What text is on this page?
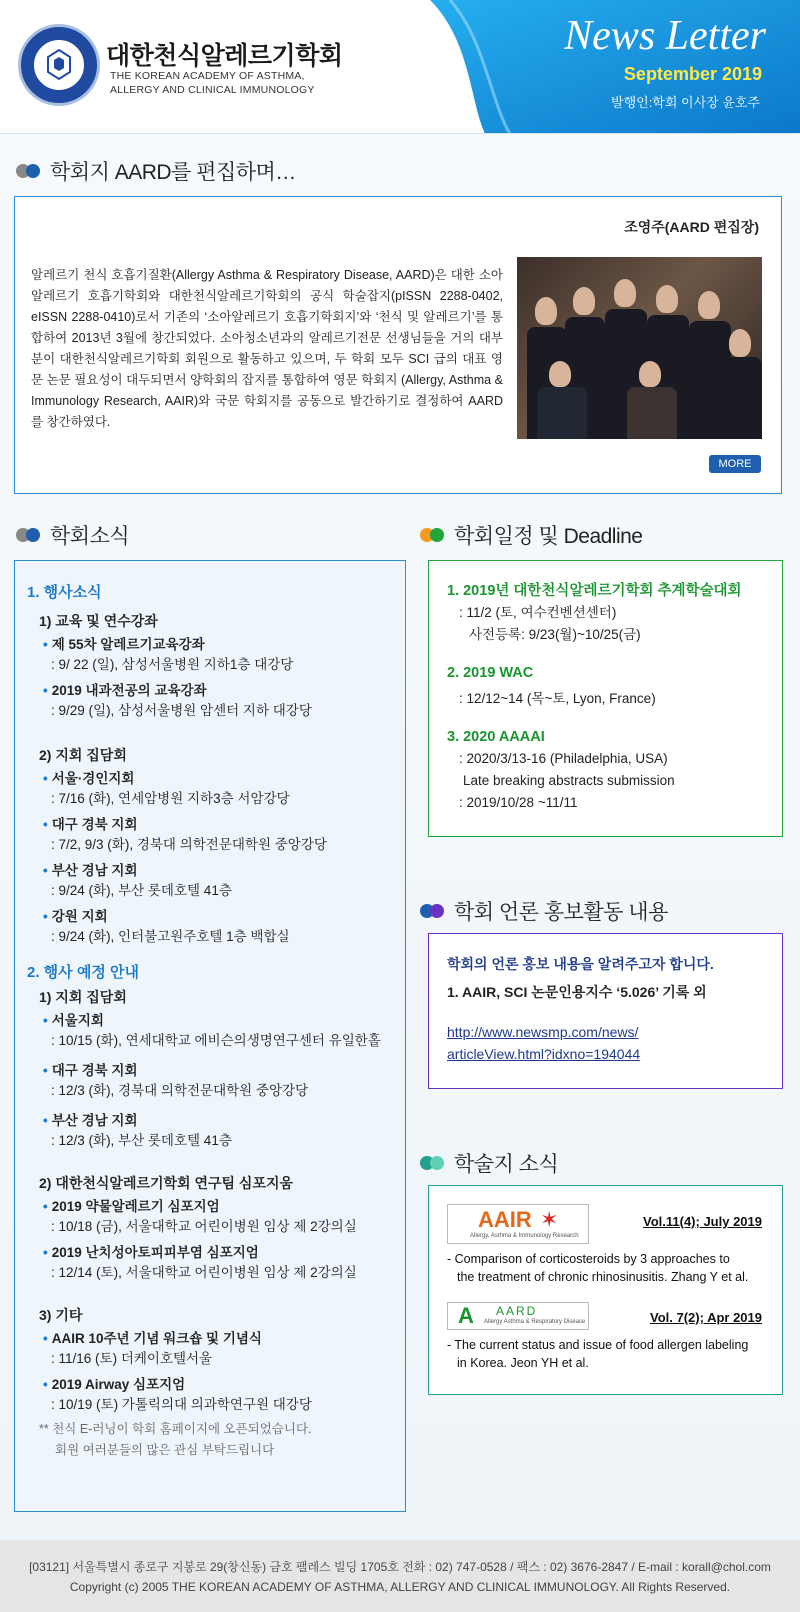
대한천식알레르기학회
THE KOREAN ACADEMY OF ASTHMA,
ALLERGY AND CLINICAL IMMUNOLOGY
News Letter
September 2019
발행인:학회 이사장 윤호주
학회지 AARD를 편집하며…
조영주(AARD 편집장)
알레르기 천식 호흡기질환(Allergy Asthma & Respiratory Disease, AARD)은 대한 소아알레르기 호흡기학회와 대한천식알레르기학회의 공식 학술잡지(pISSN 2288-0402, eISSN 2288-0410)로서 기존의 ‘소아알레르기 호흡기학회지’와 ‘천식 및 알레르기’를 통합하여 2013년 3월에 창간되었다. 소아청소년과의 알레르기전문 선생님들을 거의 대부분이 대한천식알레르기학회 회원으로 활동하고 있으며, 두 학회 모두 SCI 급의 대표 영문 논문 필요성이 대두되면서 양학회의 잡지를 통합하여 영문 학회지 (Allergy, Asthma & Immunology Research, AAIR)와 국문 학회지를 공동으로 발간하기로 결정하여 AARD를 창간하였다.
MORE
학회소식
1. 행사소식
1) 교육 및 연수강좌
• 제 55차 알레르기교육강좌
: 9/ 22 (일), 삼성서울병원 지하1층 대강당
• 2019 내과전공의 교육강좌
: 9/29 (일), 삼성서울병원 암센터 지하 대강당
2) 지회 집담회
• 서울·경인지회
: 7/16 (화), 연세암병원 지하3층 서암강당
• 대구 경북 지회
: 7/2, 9/3 (화), 경북대 의학전문대학원 중앙강당
• 부산 경남 지회
: 9/24 (화), 부산 롯데호텔 41층
• 강원 지회
: 9/24 (화), 인터불고원주호텔 1층 백합실
2. 행사 예정 안내
1) 지회 집담회
• 서울지회
: 10/15 (화), 연세대학교 에비슨의생명연구센터 유일한홀
• 대구 경북 지회
: 12/3 (화), 경북대 의학전문대학원 중앙강당
• 부산 경남 지회
: 12/3 (화), 부산 롯데호텔 41층
2) 대한천식알레르기학회 연구팀 심포지움
• 2019 약물알레르기 심포지엄
: 10/18 (금), 서울대학교 어린이병원 임상 제 2강의실
• 2019 난치성아토피피부염 심포지엄
: 12/14 (토), 서울대학교 어린이병원 임상 제 2강의실
3) 기타
• AAIR 10주년 기념 워크숍 및 기념식
: 11/16 (토) 더케이호텔서울
• 2019 Airway 심포지엄
: 10/19 (토) 가톨릭의대 의과학연구원 대강당
** 천식 E-러닝이 학회 홈페이지에 오픈되었습니다.
회원 여러분들의 많은 관심 부탁드립니다
학회일정 및 Deadline
1. 2019년 대한천식알레르기학회 추계학술대회
: 11/2 (토, 여수컨벤션센터)
사전등록: 9/23(월)~10/25(금)
2. 2019 WAC
: 12/12~14 (목~토, Lyon, France)
3. 2020 AAAAI
: 2020/3/13-16 (Philadelphia, USA)
Late breaking abstracts submission
: 2019/10/28 ~11/11
학회 언론 홍보활동 내용
학회의 언론 홍보 내용을 알려주고자 합니다.
1. AAIR, SCI 논문인용지수 ‘5.026’ 기록 외
http://www.newsmp.com/news/
articleView.html?idxno=194044
학술지 소식
AAIR ✶
Allergy, Asthma & Immunology Research
Vol.11(4); July 2019
- Comparison of corticosteroids by 3 approaches to
the treatment of chronic rhinosinusitis. Zhang Y et al.
A AARD
Allergy Asthma & Respiratory Disease	Vol. 7(2); Apr 2019
- The current status and issue of food allergen labeling
in Korea. Jeon YH et al.
[03121] 서울특별시 종로구 지봉로 29(창신동) 금호 팰레스 빌딩 1705호 전화 : 02) 747-0528 / 팩스 : 02) 3676-2847 / E-mail : korall@chol.com
Copyright (c) 2005 THE KOREAN ACADEMY OF ASTHMA, ALLERGY AND CLINICAL IMMUNOLOGY. All Rights Reserved.
